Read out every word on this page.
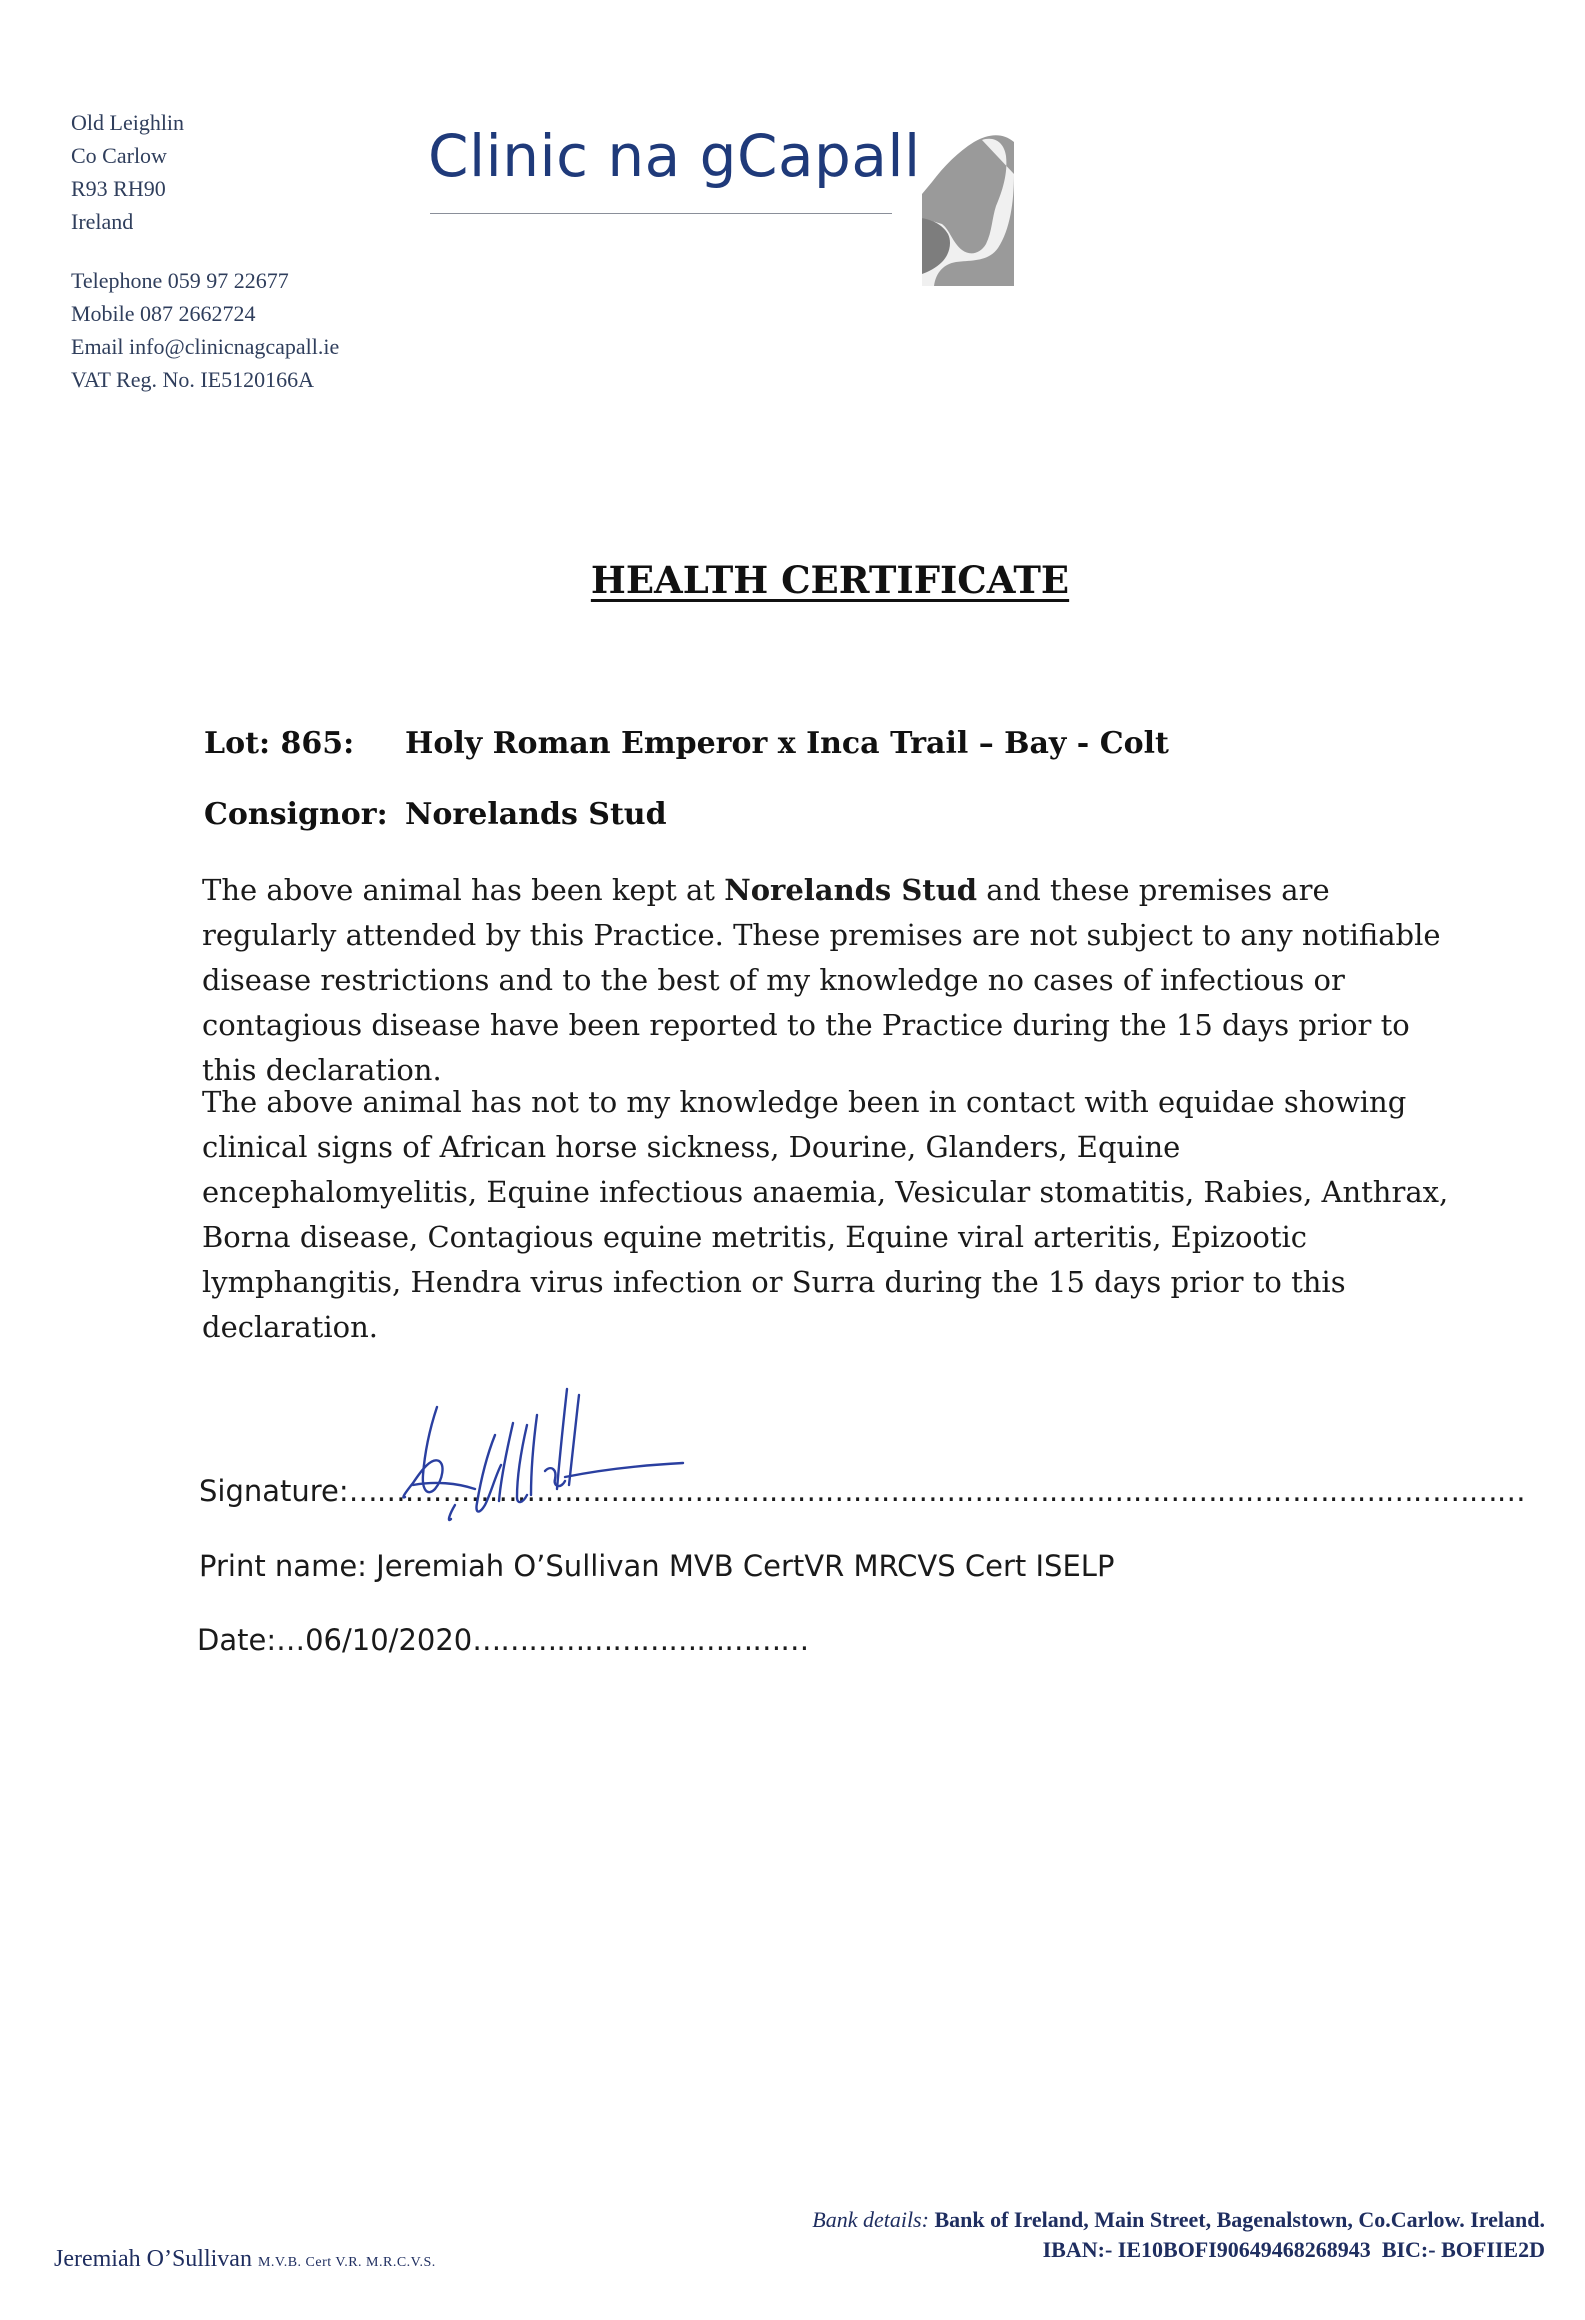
Old Leighlin
Co Carlow
R93 RH90
Ireland
Telephone 059 97 22677
Mobile 087 2662724
Email info@clinicnagcapall.ie
VAT Reg. No. IE5120166A
Clinic na gCapall
HEALTH CERTIFICATE
Lot: 865: Holy Roman Emperor x Inca Trail – Bay - Colt
Consignor: Norelands Stud

The above animal has been kept at Norelands Stud and these premises are regularly attended by this Practice. These premises are not subject to any notifiable disease restrictions and to the best of my knowledge no cases of infectious or contagious disease have been reported to the Practice during the 15 days prior to this declaration.

The above animal has not to my knowledge been in contact with equidae showing clinical signs of African horse sickness, Dourine, Glanders, Equine encephalomyelitis, Equine infectious anaemia, Vesicular stomatitis, Rabies, Anthrax, Borna disease, Contagious equine metritis, Equine viral arteritis, Epizootic lymphangitis, Hendra virus infection or Surra during the 15 days prior to this declaration.

Signature:………………………………………………………………………………………………………………
Print name: Jeremiah O’Sullivan MVB CertVR MRCVS Cert ISELP
Date:…06/10/2020………………………………
Jeremiah O’Sullivan M.V.B. Cert V.R. M.R.C.V.S.
Bank details: Bank of Ireland, Main Street, Bagenalstown, Co.Carlow. Ireland.
IBAN:- IE10BOFI90649468268943 BIC:- BOFIIE2D
